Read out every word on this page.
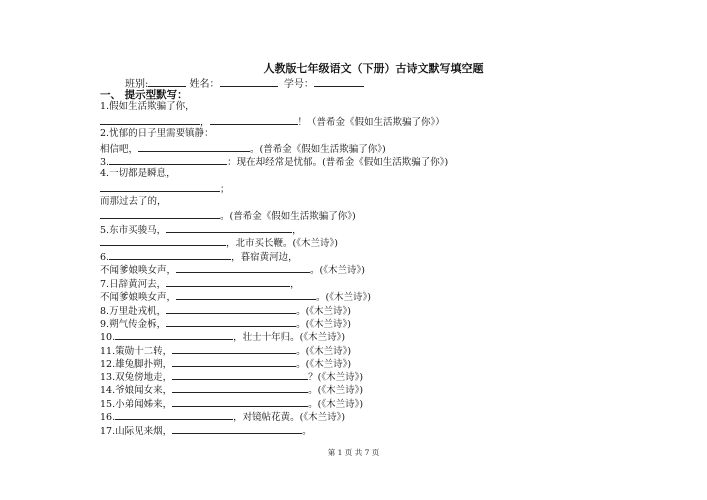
人教版七年级语文（下册）古诗文默写填空题
班别:	姓名：	学号：
一、 提示型默写：
1.假如生活欺骗了你，
，	！（普希金《假如生活欺骗了你》）
2.忧郁的日子里需要镇静：
相信吧，	。(普希金《假如生活欺骗了你》)
3.	：现在却经常是忧郁。(普希金《假如生活欺骗了你》)
4.一切都是瞬息，
；
而那过去了的，
。(普希金《假如生活欺骗了你》)
5.东市买骏马，	，
，北市买长鞭。(《木兰诗》)
6.	，暮宿黄河边，
不闻爹娘唤女声，	。(《木兰诗》)
7.日辞黄河去，	，
不闻爹娘唤女声，	。(《木兰诗》)
8.万里赴戎机，	。(《木兰诗》)
9.朔气传金柝，	。(《木兰诗》)
10.	，壮士十年归。(《木兰诗》)
11.策勋十二转，	。(《木兰诗》)
12.雄兔脚扑朔，	。(《木兰诗》)
13.双兔傍地走，	？(《木兰诗》)
14.爷娘闻女来，	。(《木兰诗》)
15.小弟闻姊来，	。(《木兰诗》)
16.	，对镜帖花黄。(《木兰诗》)
17.山际见来烟，	。
第 1 页 共 7 页
